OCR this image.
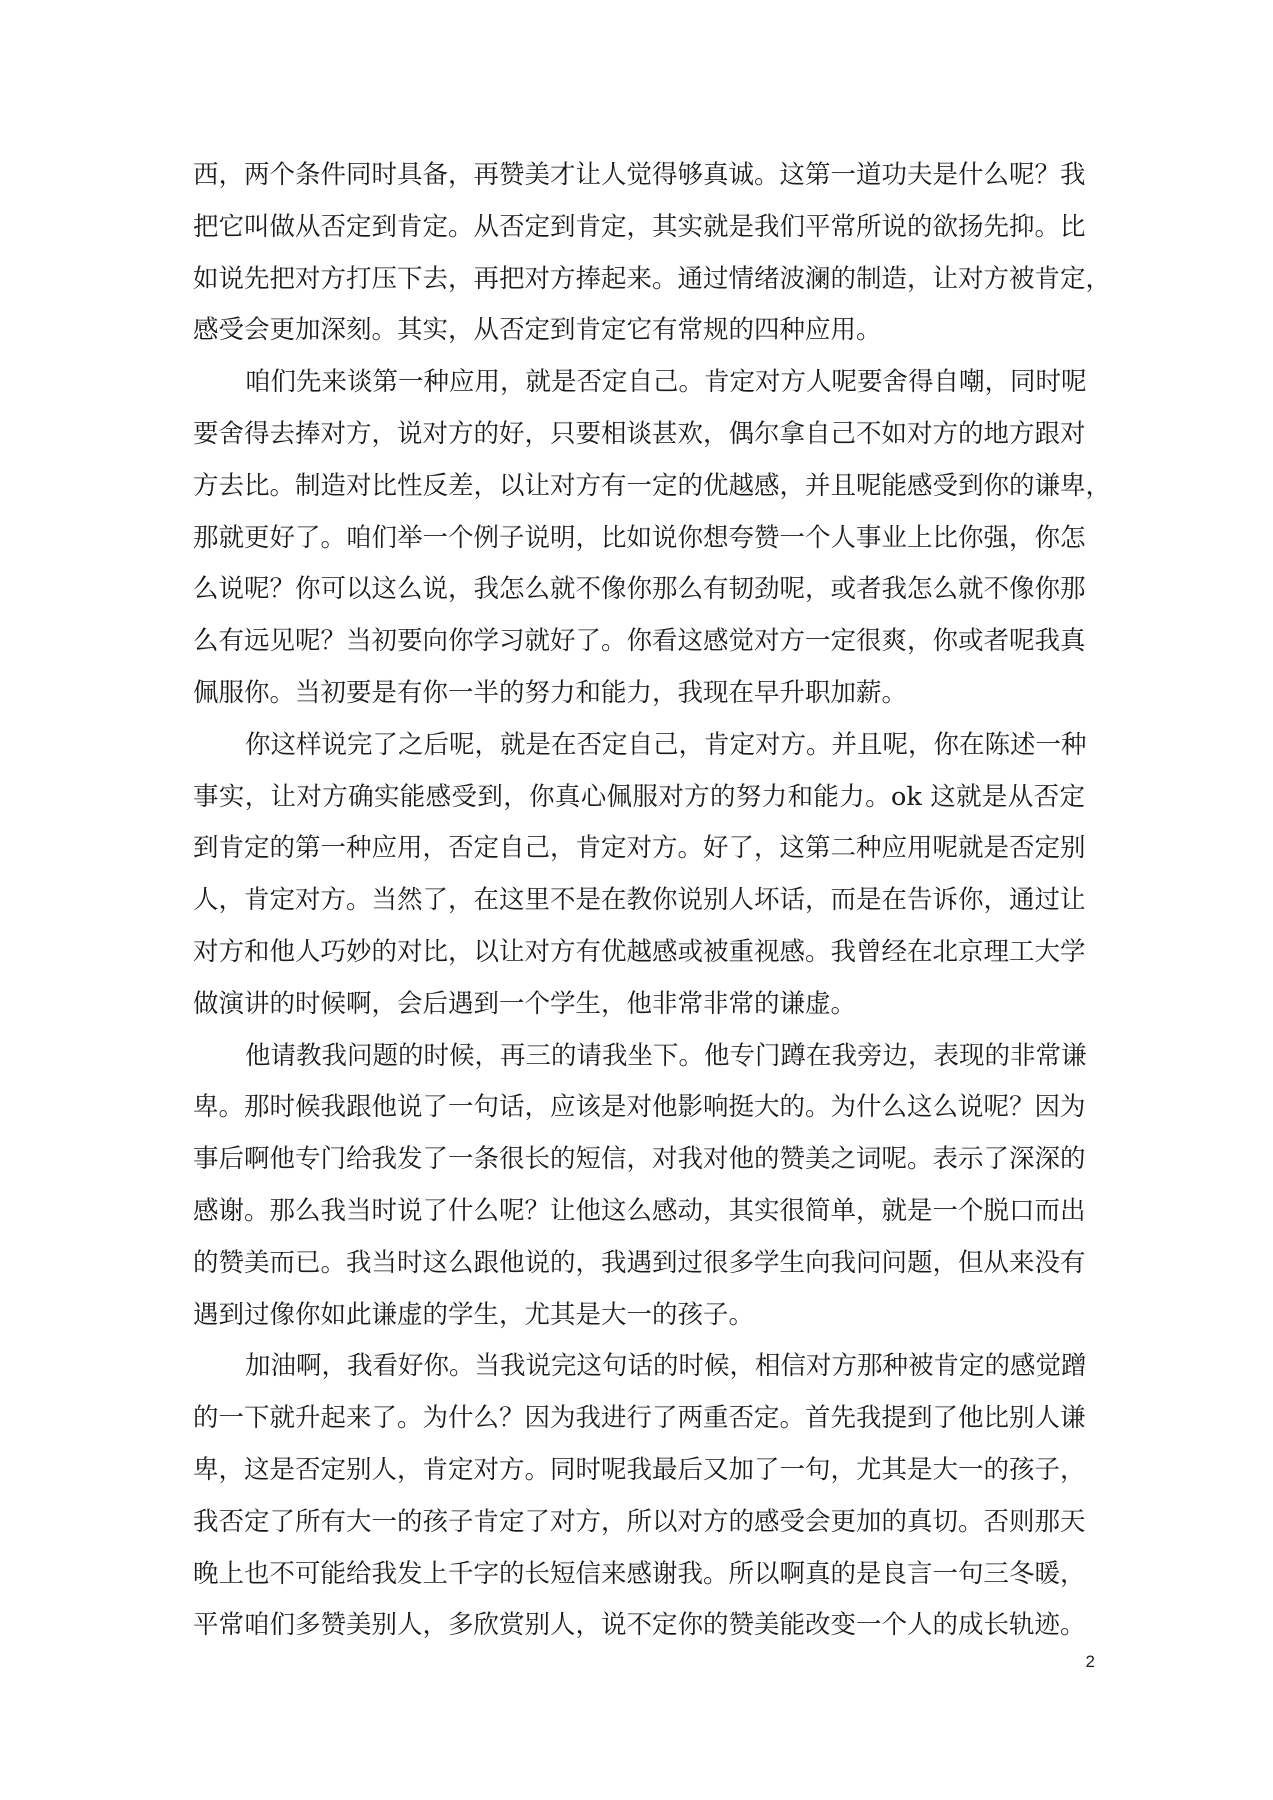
西，两个条件同时具备，再赞美才让人觉得够真诚。这第一道功夫是什么呢？我
把它叫做从否定到肯定。从否定到肯定，其实就是我们平常所说的欲扬先抑。比
如说先把对方打压下去，再把对方捧起来。通过情绪波澜的制造，让对方被肯定，
感受会更加深刻。其实，从否定到肯定它有常规的四种应用。
咱们先来谈第一种应用，就是否定自己。肯定对方人呢要舍得自嘲，同时呢
要舍得去捧对方，说对方的好，只要相谈甚欢，偶尔拿自己不如对方的地方跟对
方去比。制造对比性反差，以让对方有一定的优越感，并且呢能感受到你的谦卑，
那就更好了。咱们举一个例子说明，比如说你想夸赞一个人事业上比你强，你怎
么说呢？你可以这么说，我怎么就不像你那么有韧劲呢，或者我怎么就不像你那
么有远见呢？当初要向你学习就好了。你看这感觉对方一定很爽，你或者呢我真
佩服你。当初要是有你一半的努力和能力，我现在早升职加薪。
你这样说完了之后呢，就是在否定自己，肯定对方。并且呢，你在陈述一种
事实，让对方确实能感受到，你真心佩服对方的努力和能力。ok 这就是从否定
到肯定的第一种应用，否定自己，肯定对方。好了，这第二种应用呢就是否定别
人，肯定对方。当然了，在这里不是在教你说别人坏话，而是在告诉你，通过让
对方和他人巧妙的对比，以让对方有优越感或被重视感。我曾经在北京理工大学
做演讲的时候啊，会后遇到一个学生，他非常非常的谦虚。
他请教我问题的时候，再三的请我坐下。他专门蹲在我旁边，表现的非常谦
卑。那时候我跟他说了一句话，应该是对他影响挺大的。为什么这么说呢？因为
事后啊他专门给我发了一条很长的短信，对我对他的赞美之词呢。表示了深深的
感谢。那么我当时说了什么呢？让他这么感动，其实很简单，就是一个脱口而出
的赞美而已。我当时这么跟他说的，我遇到过很多学生向我问问题，但从来没有
遇到过像你如此谦虚的学生，尤其是大一的孩子。
加油啊，我看好你。当我说完这句话的时候，相信对方那种被肯定的感觉蹭
的一下就升起来了。为什么？因为我进行了两重否定。首先我提到了他比别人谦
卑，这是否定别人，肯定对方。同时呢我最后又加了一句，尤其是大一的孩子，
我否定了所有大一的孩子肯定了对方，所以对方的感受会更加的真切。否则那天
晚上也不可能给我发上千字的长短信来感谢我。所以啊真的是良言一句三冬暖，
平常咱们多赞美别人，多欣赏别人，说不定你的赞美能改变一个人的成长轨迹。
2
